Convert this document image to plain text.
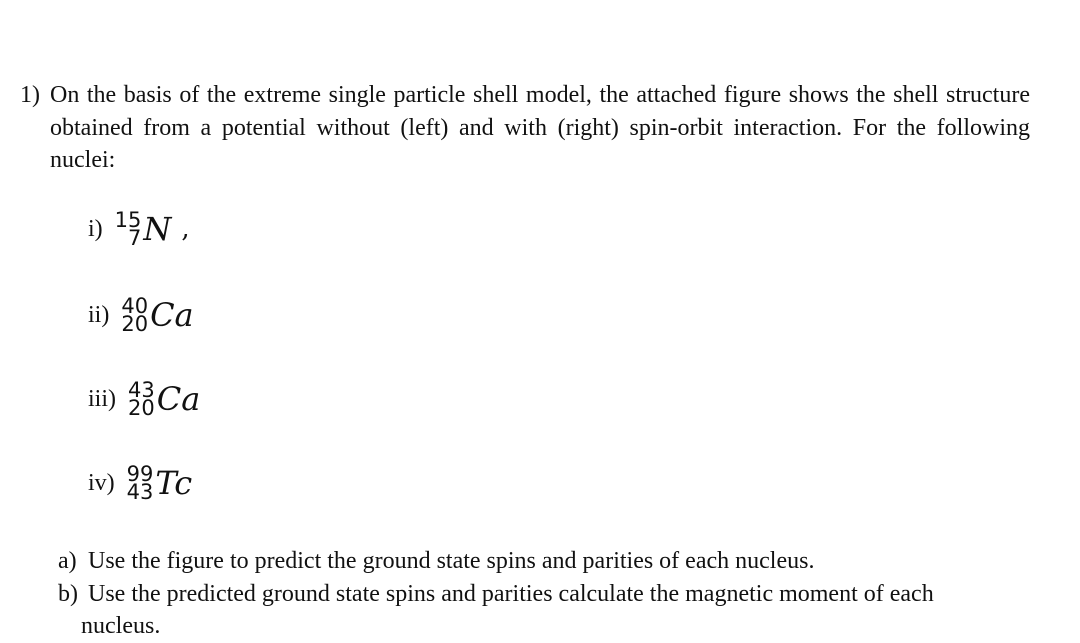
1) On the basis of the extreme single particle shell model, the attached figure shows the shell structure obtained from a potential without (left) and with (right) spin-orbit interaction. For the following nuclei:
i) 15
7 N ,
ii) 40
20 Ca
iii) 43
20 Ca
iv) 99
43 Tc
a) Use the figure to predict the ground state spins and parities of each nucleus.
b) Use the predicted ground state spins and parities calculate the magnetic moment of each
nucleus.
